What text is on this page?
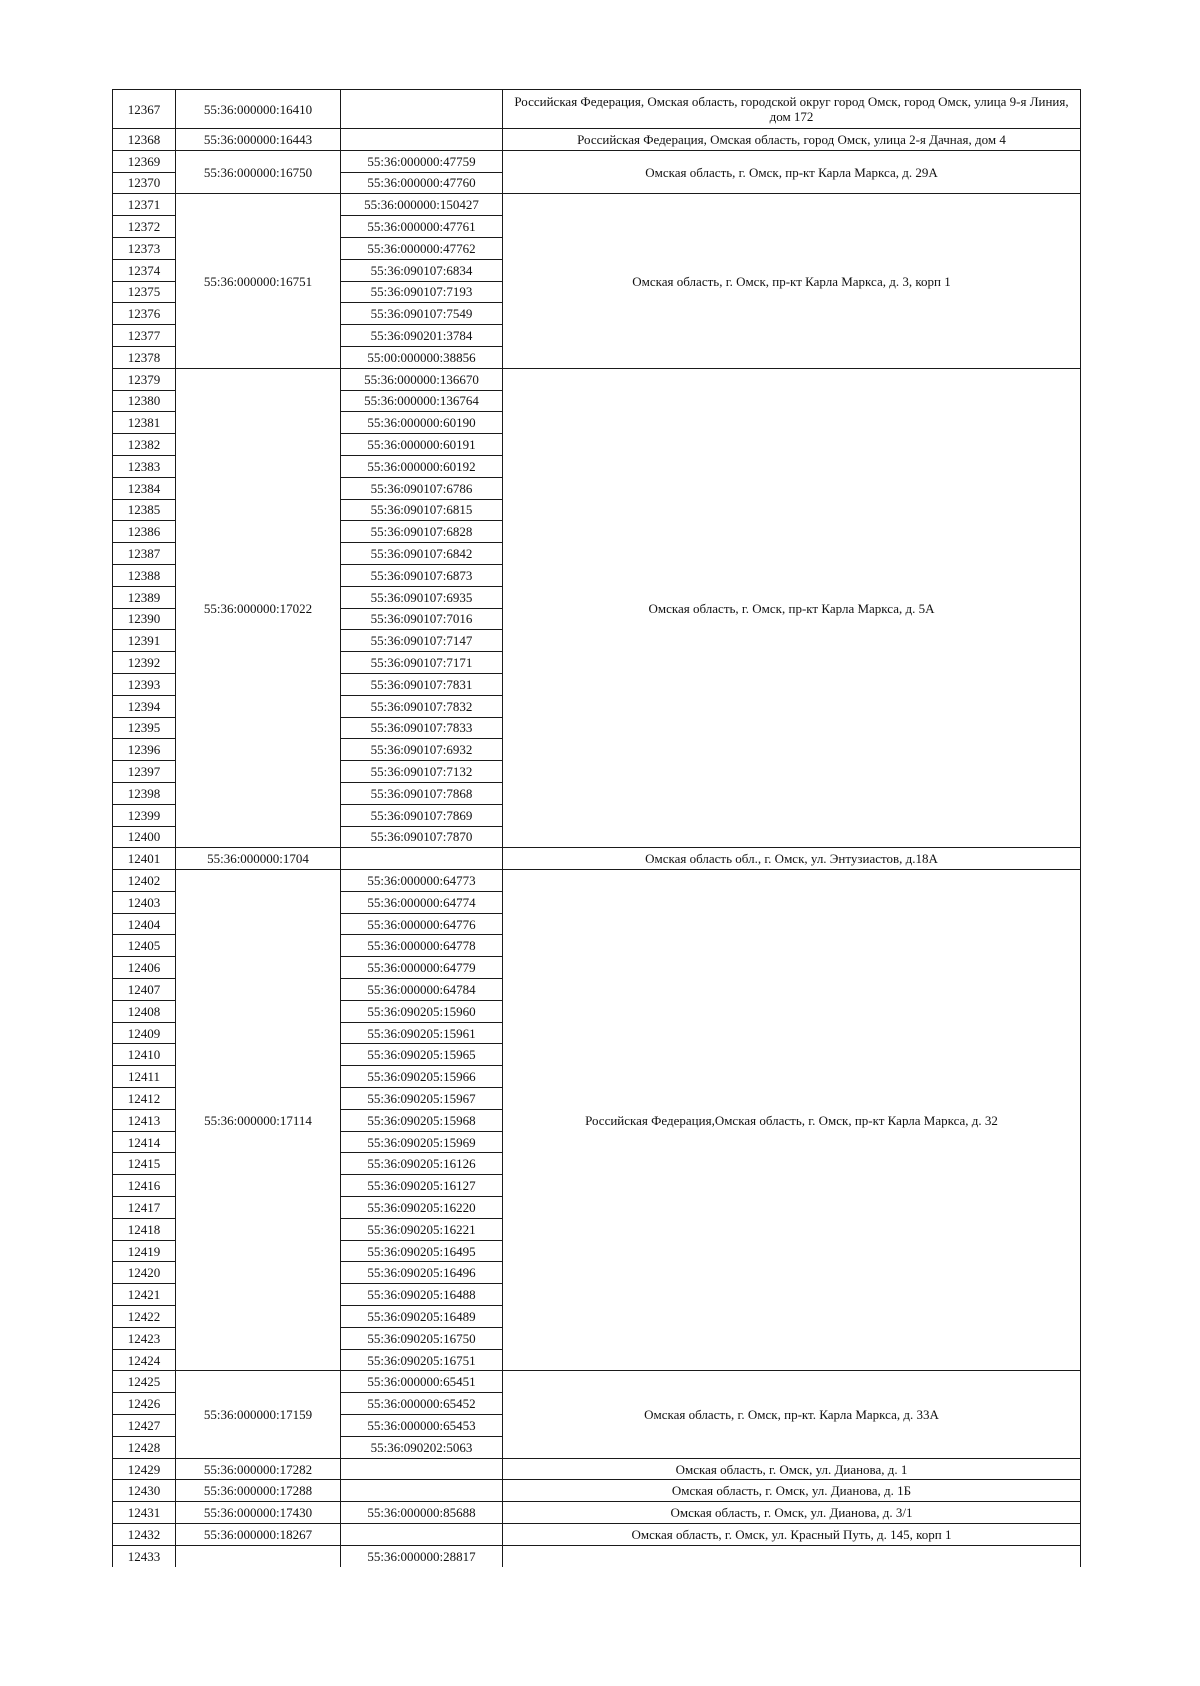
12367	55:36:000000:16410		Российская Федерация, Омская область, городской округ город Омск, город Омск, улица 9-я Линия, дом 172
12368	55:36:000000:16443		Российская Федерация, Омская область, город Омск, улица 2-я Дачная, дом 4
12369	55:36:000000:16750	55:36:000000:47759	Омская область, г. Омск, пр-кт Карла Маркса, д. 29А
12370		55:36:000000:47760	
12371	55:36:000000:16751	55:36:000000:150427	Омская область, г. Омск, пр-кт Карла Маркса, д. 3, корп 1
12372		55:36:000000:47761	
12373		55:36:000000:47762	
12374		55:36:090107:6834	
12375		55:36:090107:7193	
12376		55:36:090107:7549	
12377		55:36:090201:3784	
12378		55:00:000000:38856	
12379	55:36:000000:17022	55:36:000000:136670	Омская область, г. Омск, пр-кт Карла Маркса, д. 5А
12380		55:36:000000:136764	
12381		55:36:000000:60190	
12382		55:36:000000:60191	
12383		55:36:000000:60192	
12384		55:36:090107:6786	
12385		55:36:090107:6815	
12386		55:36:090107:6828	
12387		55:36:090107:6842	
12388		55:36:090107:6873	
12389		55:36:090107:6935	
12390		55:36:090107:7016	
12391		55:36:090107:7147	
12392		55:36:090107:7171	
12393		55:36:090107:7831	
12394		55:36:090107:7832	
12395		55:36:090107:7833	
12396		55:36:090107:6932	
12397		55:36:090107:7132	
12398		55:36:090107:7868	
12399		55:36:090107:7869	
12400		55:36:090107:7870	
12401	55:36:000000:1704		Омская область обл., г. Омск, ул. Энтузиастов, д.18А
12402	55:36:000000:17114	55:36:000000:64773	Российская Федерация,Омская область, г. Омск, пр-кт Карла Маркса, д. 32
12403		55:36:000000:64774	
12404		55:36:000000:64776	
12405		55:36:000000:64778	
12406		55:36:000000:64779	
12407		55:36:000000:64784	
12408		55:36:090205:15960	
12409		55:36:090205:15961	
12410		55:36:090205:15965	
12411		55:36:090205:15966	
12412		55:36:090205:15967	
12413		55:36:090205:15968	
12414		55:36:090205:15969	
12415		55:36:090205:16126	
12416		55:36:090205:16127	
12417		55:36:090205:16220	
12418		55:36:090205:16221	
12419		55:36:090205:16495	
12420		55:36:090205:16496	
12421		55:36:090205:16488	
12422		55:36:090205:16489	
12423		55:36:090205:16750	
12424		55:36:090205:16751	
12425	55:36:000000:17159	55:36:000000:65451	Омская область, г. Омск, пр-кт. Карла Маркса, д. 33А
12426		55:36:000000:65452	
12427		55:36:000000:65453	
12428		55:36:090202:5063	
12429	55:36:000000:17282		Омская область, г. Омск, ул. Дианова, д. 1
12430	55:36:000000:17288		Омская область, г. Омск, ул. Дианова, д. 1Б
12431	55:36:000000:17430	55:36:000000:85688	Омская область, г. Омск, ул. Дианова, д. 3/1
12432	55:36:000000:18267		Омская область, г. Омск, ул. Красный Путь, д. 145, корп 1
12433		55:36:000000:28817	
